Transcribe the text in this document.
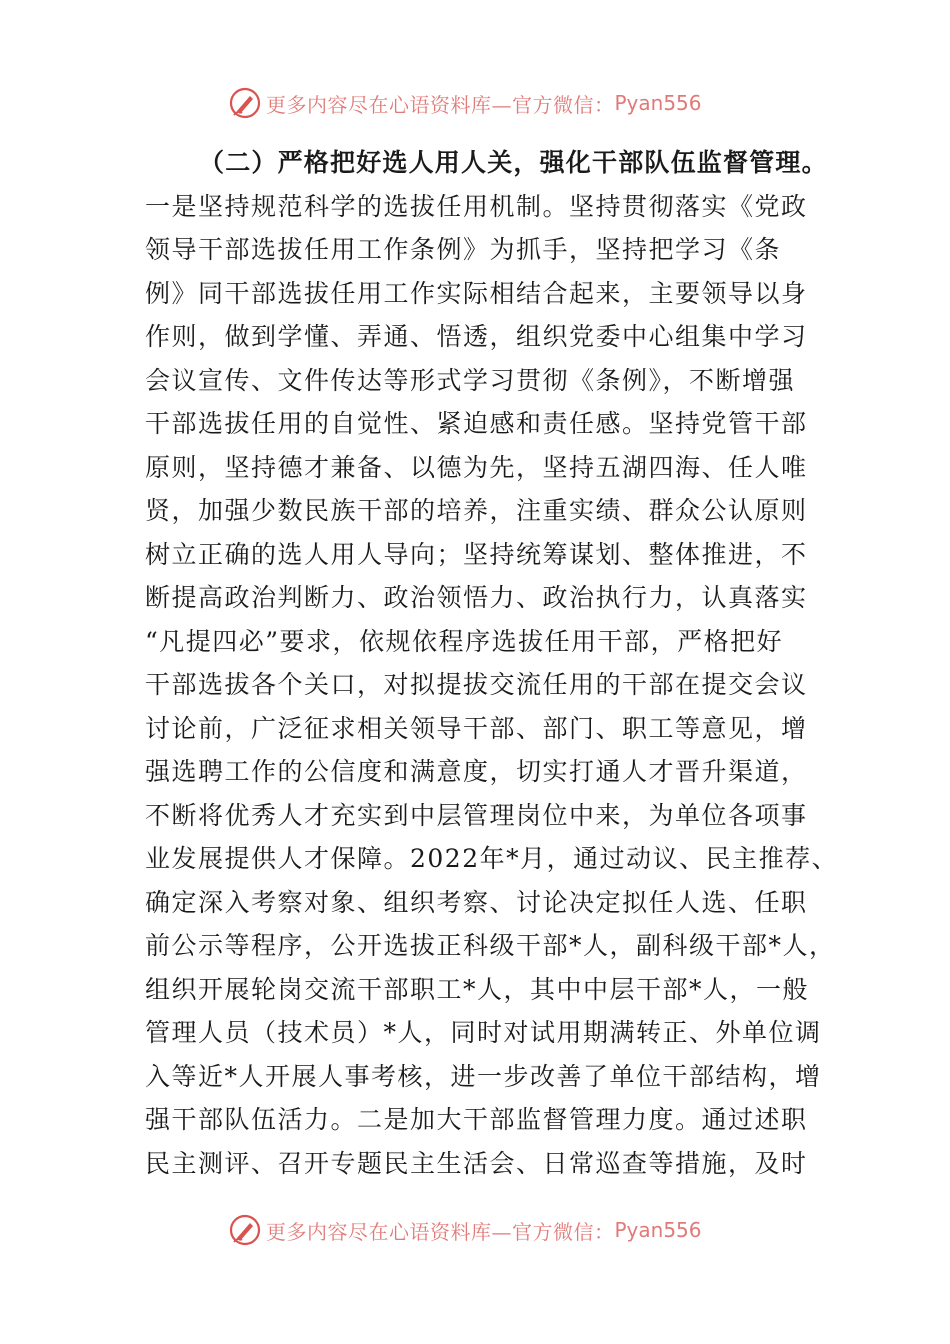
更多内容尽在心语资料库—官方微信： Pyan556
（二）严格把好选人用人关，强化干部队伍监督管理。
一是坚持规范科学的选拔任用机制。坚持贯彻落实《党政
领导干部选拔任用工作条例》为抓手，坚持把学习《条
例》同干部选拔任用工作实际相结合起来，主要领导以身
作则，做到学懂、弄通、悟透，组织党委中心组集中学习
会议宣传、文件传达等形式学习贯彻《条例》，不断增强
干部选拔任用的自觉性、紧迫感和责任感。坚持党管干部
原则，坚持德才兼备、以德为先，坚持五湖四海、任人唯
贤，加强少数民族干部的培养，注重实绩、群众公认原则
树立正确的选人用人导向；坚持统筹谋划、整体推进，不
断提高政治判断力、政治领悟力、政治执行力，认真落实
“凡提四必”要求，依规依程序选拔任用干部，严格把好
干部选拔各个关口，对拟提拔交流任用的干部在提交会议
讨论前，广泛征求相关领导干部、部门、职工等意见，增
强选聘工作的公信度和满意度，切实打通人才晋升渠道，
不断将优秀人才充实到中层管理岗位中来，为单位各项事
业发展提供人才保障。2022年*月，通过动议、民主推荐、
确定深入考察对象、组织考察、讨论决定拟任人选、任职
前公示等程序，公开选拔正科级干部*人，副科级干部*人，
组织开展轮岗交流干部职工*人，其中中层干部*人，一般
管理人员（技术员）*人，同时对试用期满转正、外单位调
入等近*人开展人事考核，进一步改善了单位干部结构，增
强干部队伍活力。二是加大干部监督管理力度。通过述职
民主测评、召开专题民主生活会、日常巡查等措施，及时
更多内容尽在心语资料库—官方微信： Pyan556
